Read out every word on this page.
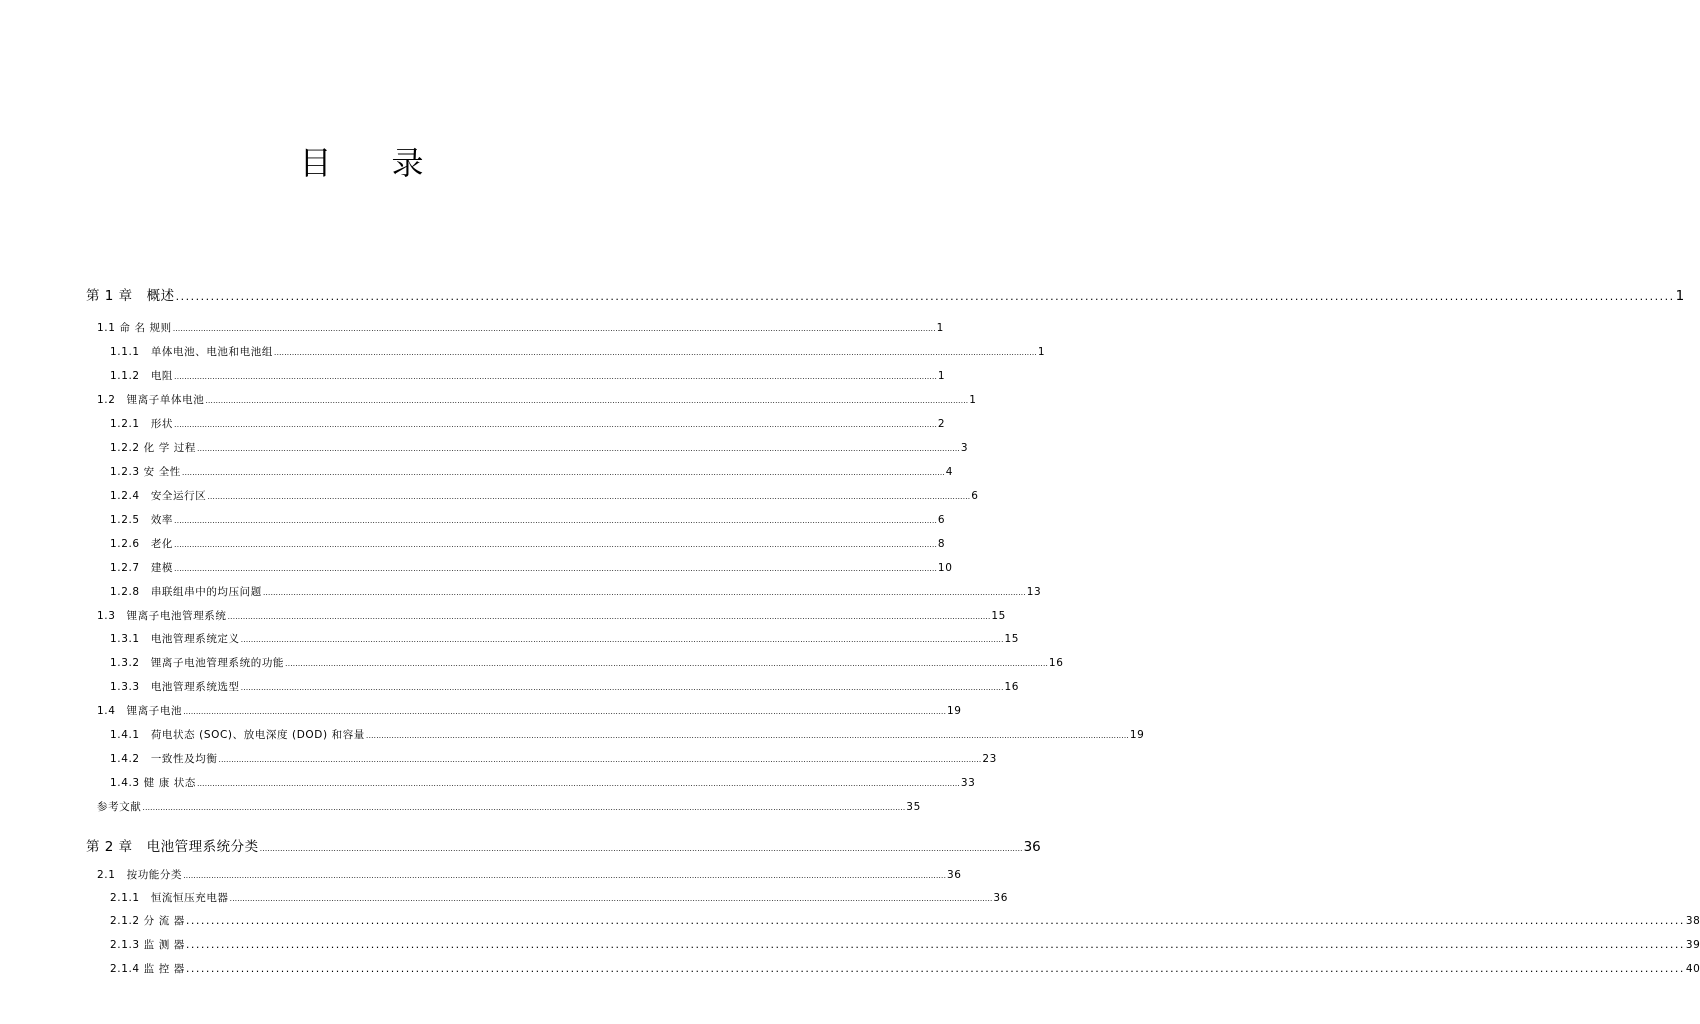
目 录
第 1 章　概述 ............................................................................................................................................................................................................................................................................................................ 1
1.1 命 名 规则 ............................................................................................................................................................................................................................................................................................................ 1
1.1.1　单体电池、电池和电池组 ............................................................................................................................................................................................................................................................................................................ 1
1.1.2　电阻 ............................................................................................................................................................................................................................................................................................................ 1
1.2　锂离子单体电池 ............................................................................................................................................................................................................................................................................................................ 1
1.2.1　形状 ............................................................................................................................................................................................................................................................................................................ 2
1.2.2 化 学 过程 ............................................................................................................................................................................................................................................................................................................ 3
1.2.3 安 全性 ............................................................................................................................................................................................................................................................................................................ 4
1.2.4　安全运行区 ............................................................................................................................................................................................................................................................................................................ 6
1.2.5　效率 ............................................................................................................................................................................................................................................................................................................ 6
1.2.6　老化 ............................................................................................................................................................................................................................................................................................................ 8
1.2.7　建模 ............................................................................................................................................................................................................................................................................................................ 10
1.2.8　串联组串中的均压问题 ............................................................................................................................................................................................................................................................................................................ 13
1.3　锂离子电池管理系统 ............................................................................................................................................................................................................................................................................................................ 15
1.3.1　电池管理系统定义 ............................................................................................................................................................................................................................................................................................................ 15
1.3.2　锂离子电池管理系统的功能 ............................................................................................................................................................................................................................................................................................................ 16
1.3.3　电池管理系统选型 ............................................................................................................................................................................................................................................................................................................ 16
1.4　锂离子电池 ............................................................................................................................................................................................................................................................................................................ 19
1.4.1　荷电状态 (SOC)、放电深度 (DOD) 和容量 ............................................................................................................................................................................................................................................................................................................ 19
1.4.2　一致性及均衡 ............................................................................................................................................................................................................................................................................................................ 23
1.4.3 健 康 状态 ............................................................................................................................................................................................................................................................................................................ 33
参考文献 ............................................................................................................................................................................................................................................................................................................ 35
第 2 章　电池管理系统分类 ............................................................................................................................................................................................................................................................................................................ 36
2.1　按功能分类 ............................................................................................................................................................................................................................................................................................................ 36
2.1.1　恒流恒压充电器 ............................................................................................................................................................................................................................................................................................................ 36
2.1.2 分 流 器 ............................................................................................................................................................................................................................................................................................................ 38
2.1.3 监 测 器 ............................................................................................................................................................................................................................................................................................................ 39
2.1.4 监 控 器 ............................................................................................................................................................................................................................................................................................................ 40
